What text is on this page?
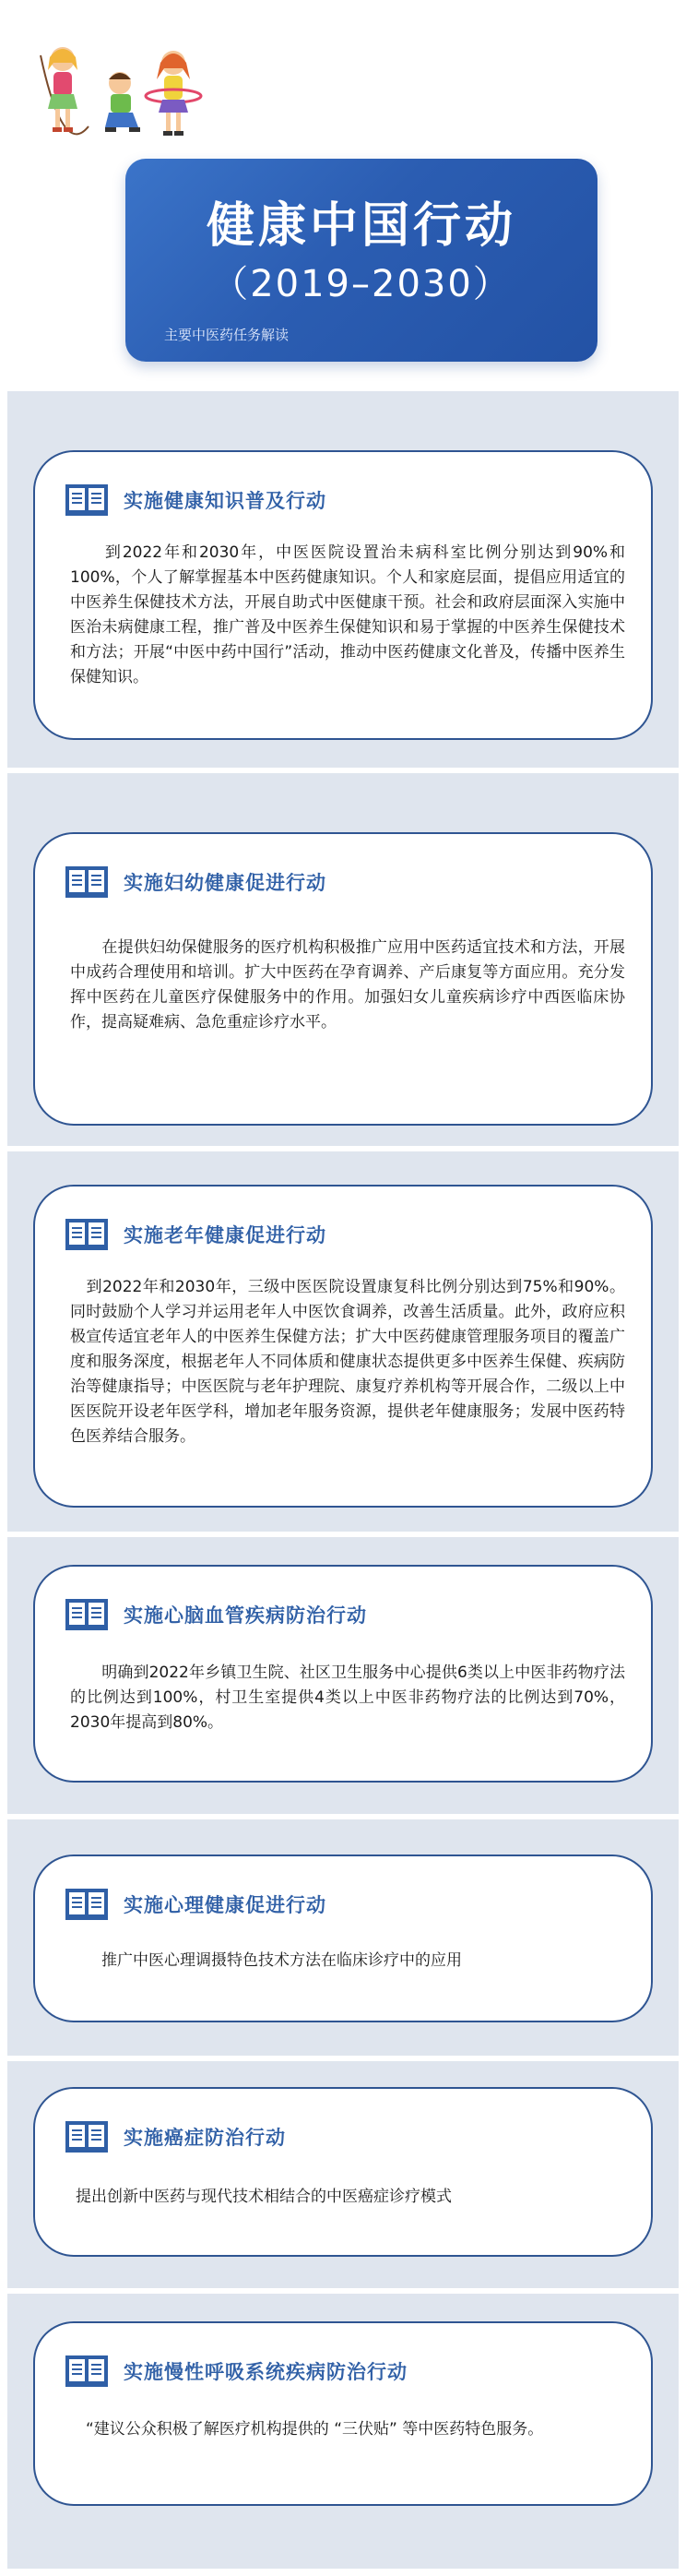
健康中国行动
（2019–2030）
主要中医药任务解读
实施健康知识普及行动
　　到2022年和2030年，中医医院设置治未病科室比例分别达到90%和100%，个人了解掌握基本中医药健康知识。个人和家庭层面，提倡应用适宜的中医养生保健技术方法，开展自助式中医健康干预。社会和政府层面深入实施中医治未病健康工程，推广普及中医养生保健知识和易于掌握的中医养生保健技术和方法；开展“中医中药中国行”活动，推动中医药健康文化普及，传播中医养生保健知识。
实施妇幼健康促进行动
　　在提供妇幼保健服务的医疗机构积极推广应用中医药适宜技术和方法，开展中成药合理使用和培训。扩大中医药在孕育调养、产后康复等方面应用。充分发挥中医药在儿童医疗保健服务中的作用。加强妇女儿童疾病诊疗中西医临床协作，提高疑难病、急危重症诊疗水平。
实施老年健康促进行动
　到2022年和2030年，三级中医医院设置康复科比例分别达到75%和90%。同时鼓励个人学习并运用老年人中医饮食调养，改善生活质量。此外，政府应积极宣传适宜老年人的中医养生保健方法；扩大中医药健康管理服务项目的覆盖广度和服务深度，根据老年人不同体质和健康状态提供更多中医养生保健、疾病防治等健康指导；中医医院与老年护理院、康复疗养机构等开展合作，二级以上中医医院开设老年医学科，增加老年服务资源，提供老年健康服务；发展中医药特色医养结合服务。
实施心脑血管疾病防治行动
　　明确到2022年乡镇卫生院、社区卫生服务中心提供6类以上中医非药物疗法的比例达到100%，村卫生室提供4类以上中医非药物疗法的比例达到70%，2030年提高到80%。
实施心理健康促进行动
　　推广中医心理调摄特色技术方法在临床诊疗中的应用
实施癌症防治行动
提出创新中医药与现代技术相结合的中医癌症诊疗模式
实施慢性呼吸系统疾病防治行动
　“建议公众积极了解医疗机构提供的 “三伏贴” 等中医药特色服务。
